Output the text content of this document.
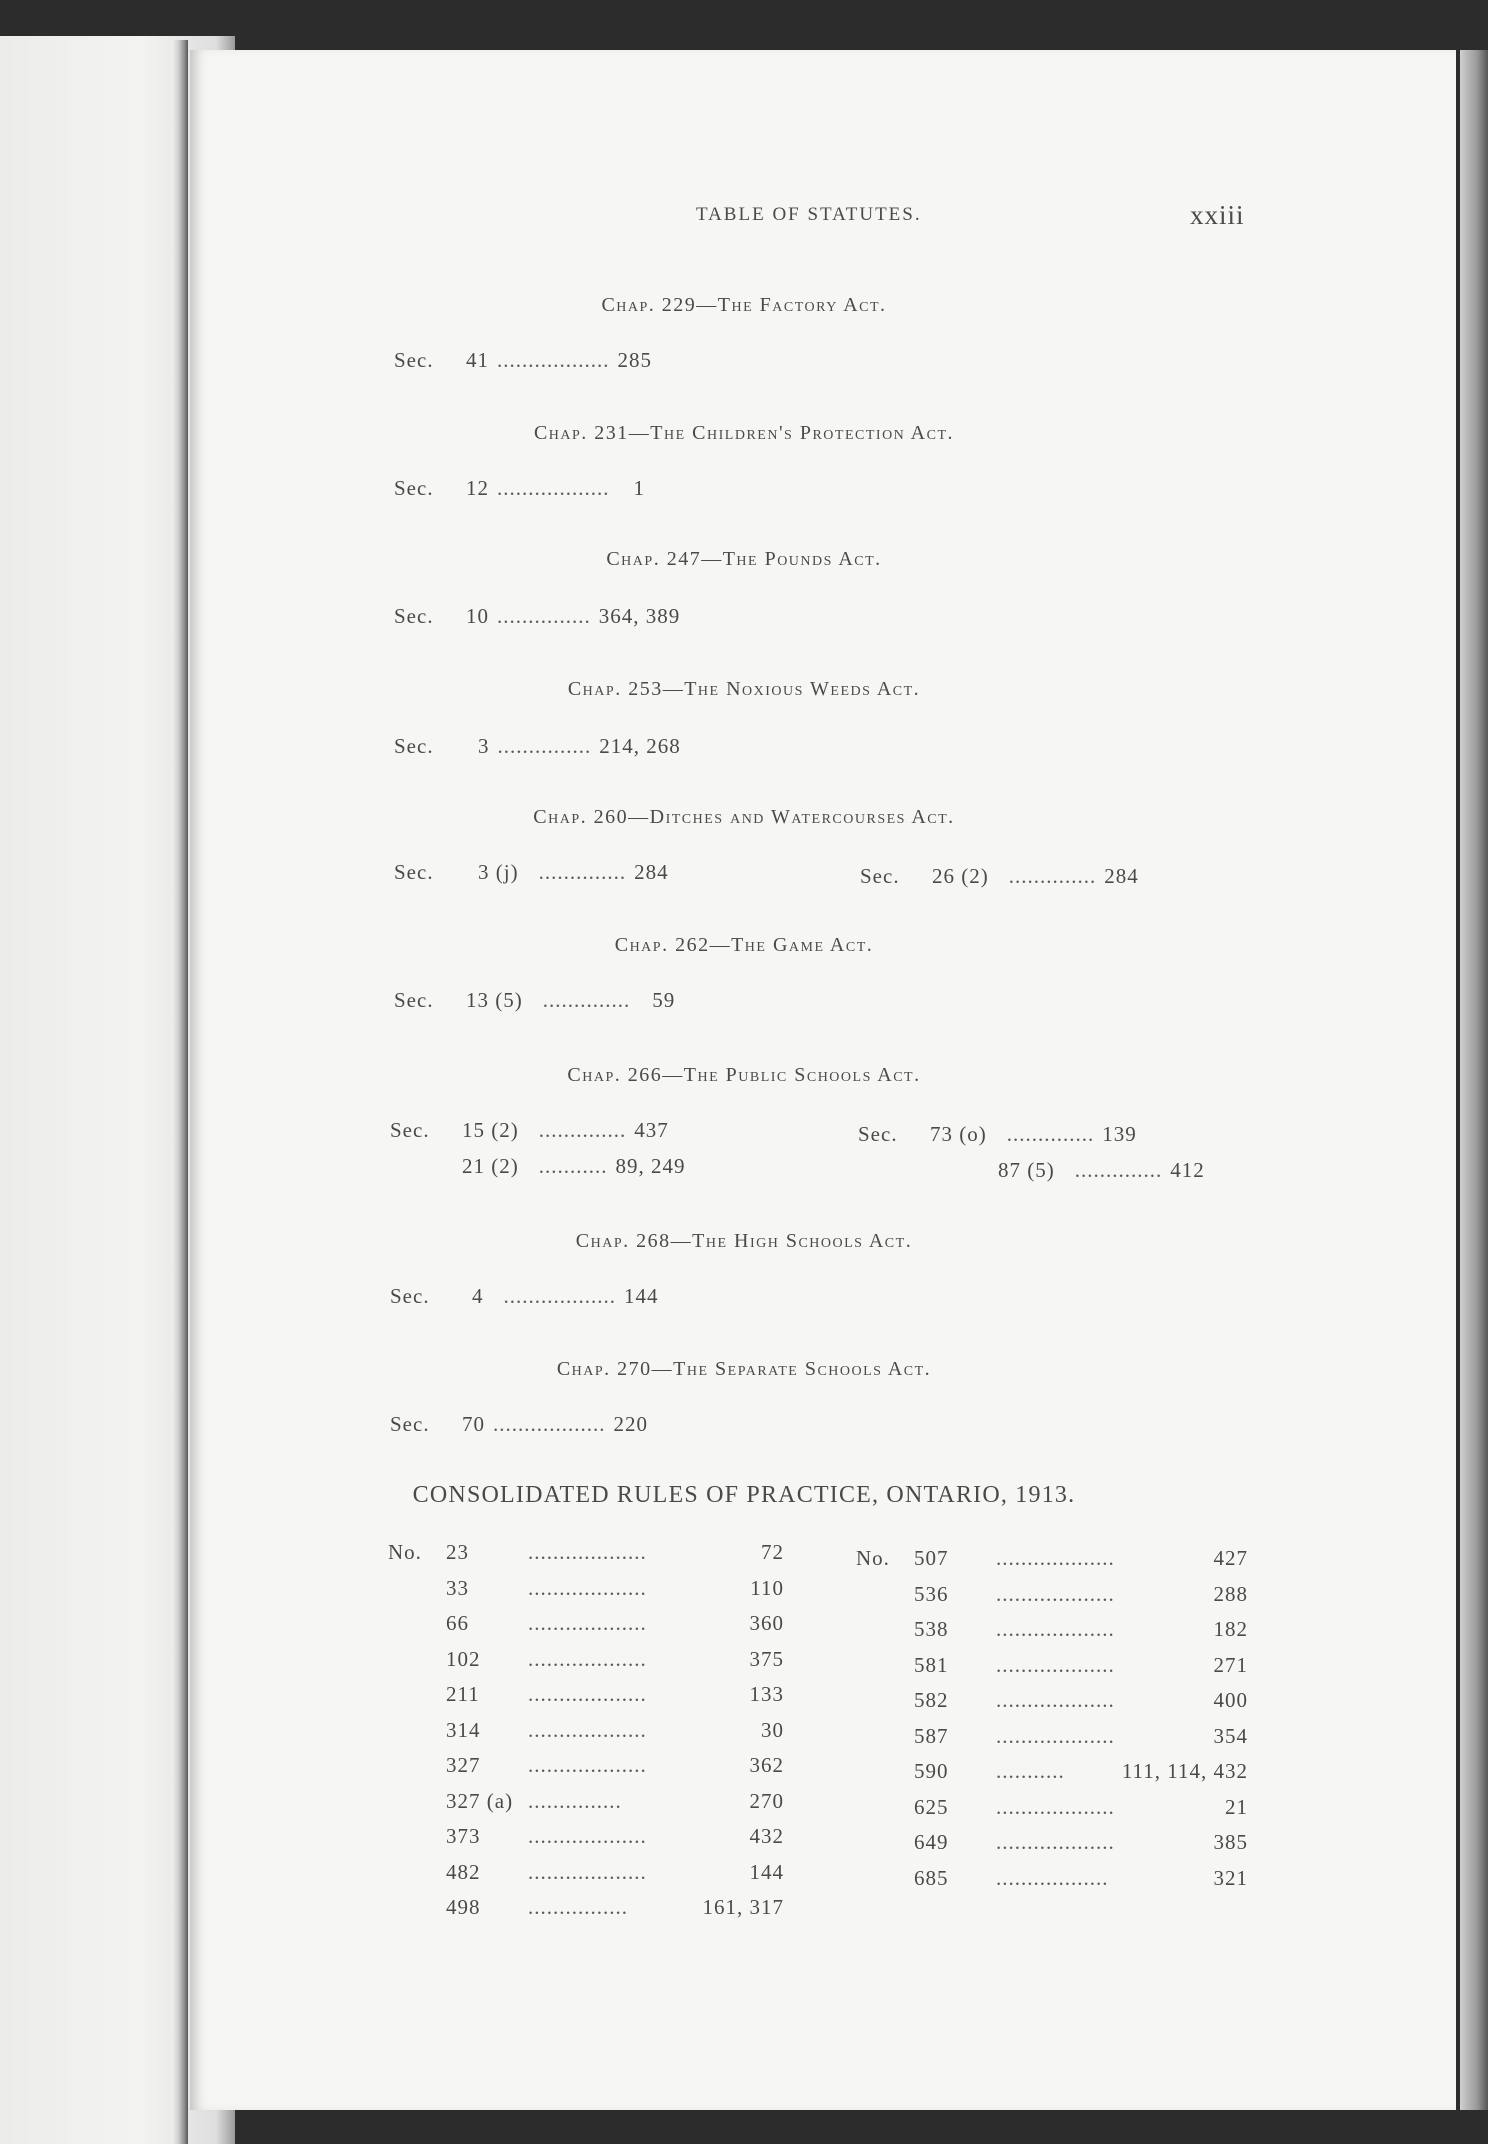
TABLE OF STATUTES.	xxiii
Chap. 229—The Factory Act.
Sec.	41 .................. 285
Chap. 231—The Children's Protection Act.
Sec.	12 .................. 1
Chap. 247—The Pounds Act.
Sec.	10 ............... 364, 389
Chap. 253—The Noxious Weeds Act.
Sec.	3 ............... 214, 268
Chap. 260—Ditches and Watercourses Act.
Sec.	3 (j) .............. 284	Sec.	26 (2) .............. 284
Chap. 262—The Game Act.
Sec.	13 (5) .............. 59
Chap. 266—The Public Schools Act.
Sec.	15 (2) .............. 437
21 (2) ........... 89, 249
Sec.	73 (o) .............. 139
87 (5) .............. 412
Chap. 268—The High Schools Act.
Sec.	4 .................. 144
Chap. 270—The Separate Schools Act.
Sec.	70 .................. 220
CONSOLIDATED RULES OF PRACTICE, ONTARIO, 1913.
No.	23	...................	72
33	...................	110
66	...................	360
102	...................	375
211	...................	133
314	...................	30
327	...................	362
327 (a) ...............	270
373	...................	432
482	...................	144
498	................	161, 317
No.	507	...................	427
536	...................	288
538	...................	182
581	...................	271
582	...................	400
587	...................	354
590	...........	111, 114, 432
625	...................	21
649	...................	385
685	..................	321
